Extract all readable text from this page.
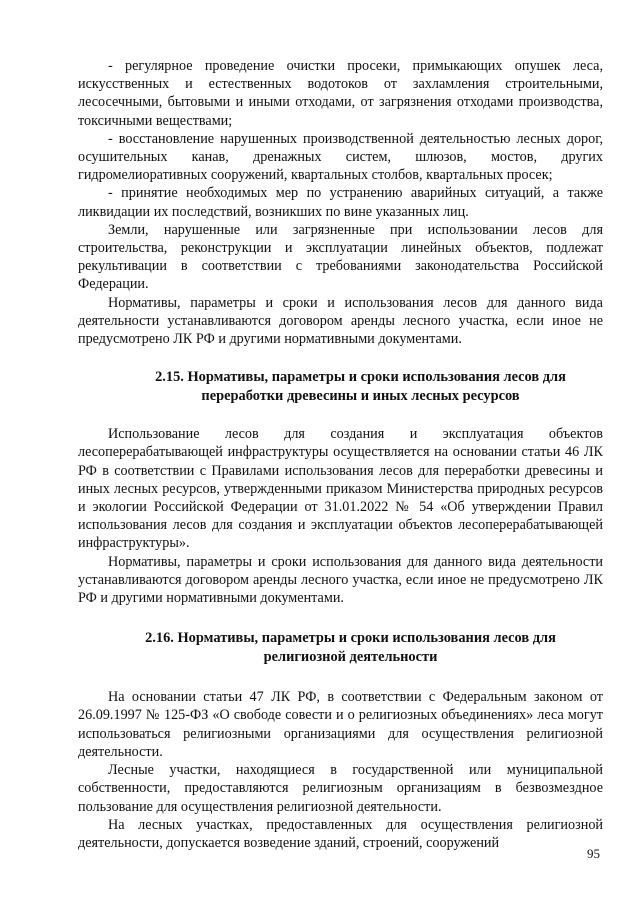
- регулярное проведение очистки просеки, примыкающих опушек леса, искусственных и естественных водотоков от захламления строительными, лесосечными, бытовыми и иными отходами, от загрязнения отходами производства, токсичными веществами;

- восстановление нарушенных производственной деятельностью лесных дорог, осушительных канав, дренажных систем, шлюзов, мостов, других гидромелиоративных сооружений, квартальных столбов, квартальных просек;

- принятие необходимых мер по устранению аварийных ситуаций, а также ликвидации их последствий, возникших по вине указанных лиц.

Земли, нарушенные или загрязненные при использовании лесов для строительства, реконструкции и эксплуатации линейных объектов, подлежат рекультивации в соответствии с требованиями законодательства Российской Федерации.

Нормативы, параметры и сроки и использования лесов для данного вида деятельности устанавливаются договором аренды лесного участка, если иное не предусмотрено ЛК РФ и другими нормативными документами.

2.15. Нормативы, параметры и сроки использования лесов для
переработки древесины и иных лесных ресурсов

Использование лесов для создания и эксплуатация объектов лесоперерабатывающей инфраструктуры осуществляется на основании статьи 46 ЛК РФ в соответствии с Правилами использования лесов для переработки древесины и иных лесных ресурсов, утвержденными приказом Министерства природных ресурсов и экологии Российской Федерации от 31.01.2022 № 54 «Об утверждении Правил использования лесов для создания и эксплуатации объектов лесоперерабатывающей инфраструктуры».

Нормативы, параметры и сроки использования для данного вида деятельности устанавливаются договором аренды лесного участка, если иное не предусмотрено ЛК РФ и другими нормативными документами.

2.16. Нормативы, параметры и сроки использования лесов для
религиозной деятельности

На основании статьи 47 ЛК РФ, в соответствии с Федеральным законом от 26.09.1997 № 125-ФЗ «О свободе совести и о религиозных объединениях» леса могут использоваться религиозными организациями для осуществления религиозной деятельности.

Лесные участки, находящиеся в государственной или муниципальной собственности, предоставляются религиозным организациям в безвозмездное пользование для осуществления религиозной деятельности.

На лесных участках, предоставленных для осуществления религиозной деятельности, допускается возведение зданий, строений, сооружений

95
